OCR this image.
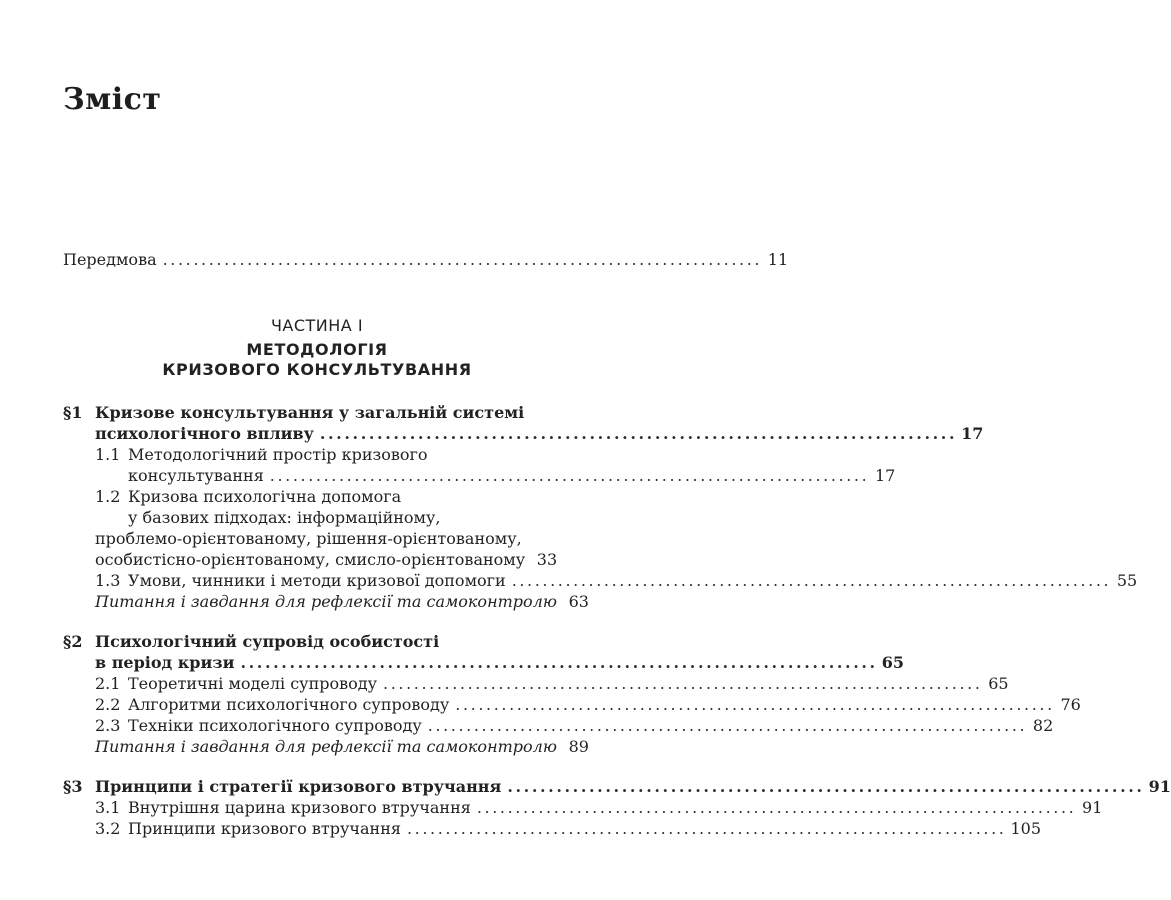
Зміст
Передмова .............................................................................. 11
ЧАСТИНА І
МЕТОДОЛОГІЯ
КРИЗОВОГО КОНСУЛЬТУВАННЯ
§1 Кризове консультування у загальній системі
психологічного впливу .............................................................................. 17
1.1 Методологічний простір кризового
консультування .............................................................................. 17
1.2 Кризова психологічна допомога
у базових підходах: інформаційному,
проблемо-орієнтованому, рішення-орієнтованому,
особистісно-орієнтованому, смисло-орієнтованому 33
1.3 Умови, чинники і методи кризової допомоги .............................................................................. 55
Питання і завдання для рефлексії та самоконтролю 63
§2 Психологічний супровід особистості
в період кризи .............................................................................. 65
2.1 Теоретичні моделі супроводу .............................................................................. 65
2.2 Алгоритми психологічного супроводу .............................................................................. 76
2.3 Техніки психологічного супроводу .............................................................................. 82
Питання і завдання для рефлексії та самоконтролю 89
§3 Принципи і стратегії кризового втручання .............................................................................. 91
3.1 Внутрішня царина кризового втручання .............................................................................. 91
3.2 Принципи кризового втручання .............................................................................. 105
